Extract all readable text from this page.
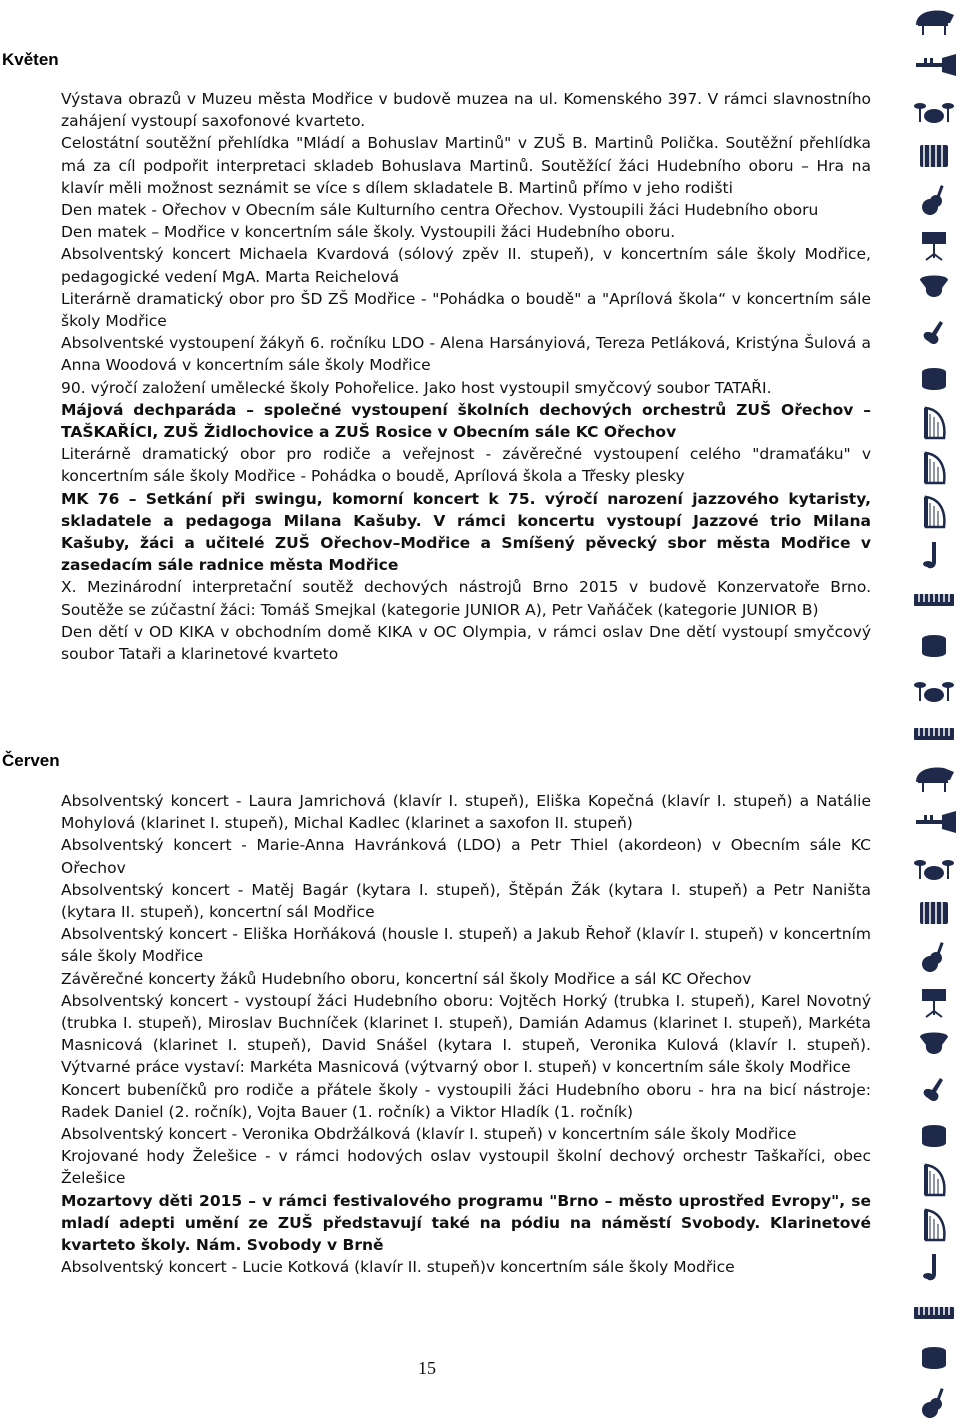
Květen

Výstava obrazů v Muzeu města Modřice v budově muzea na ul. Komenského 397. V rámci slavnostního zahájení vystoupí saxofonové kvarteto.

Celostátní soutěžní přehlídka "Mládí a Bohuslav Martinů" v ZUŠ B. Martinů Polička. Soutěžní přehlídka má za cíl podpořit interpretaci skladeb Bohuslava Martinů. Soutěžící žáci Hudebního oboru – Hra na klavír měli možnost seznámit se více s dílem skladatele B. Martinů přímo v jeho rodišti

Den matek - Ořechov v Obecním sále Kulturního centra Ořechov. Vystoupili žáci Hudebního oboru

Den matek – Modřice v koncertním sále školy. Vystoupili žáci Hudebního oboru.

Absolventský koncert Michaela Kvardová (sólový zpěv II. stupeň), v koncertním sále školy Modřice, pedagogické vedení MgA. Marta Reichelová

Literárně dramatický obor pro ŠD ZŠ Modřice - "Pohádka o boudě" a "Aprílová škola“ v koncertním sále školy Modřice

Absolventské vystoupení žákyň 6. ročníku LDO - Alena Harsányiová, Tereza Petláková, Kristýna Šulová a Anna Woodová v koncertním sále školy Modřice

90. výročí založení umělecké školy Pohořelice. Jako host vystoupil smyčcový soubor TATAŘI.

Májová dechparáda – společné vystoupení školních dechových orchestrů ZUŠ Ořechov – TAŠKAŘÍCI, ZUŠ Židlochovice a ZUŠ Rosice v Obecním sále KC Ořechov

Literárně dramatický obor pro rodiče a veřejnost - závěrečné vystoupení celého "dramaťáku" v koncertním sále školy Modřice - Pohádka o boudě, Aprílová škola a Třesky plesky

MK 76 – Setkání při swingu, komorní koncert k 75. výročí narození jazzového kytaristy, skladatele a pedagoga Milana Kašuby. V rámci koncertu vystoupí Jazzové trio Milana Kašuby, žáci a učitelé ZUŠ Ořechov–Modřice a Smíšený pěvecký sbor města Modřice v zasedacím sále radnice města Modřice

X. Mezinárodní interpretační soutěž dechových nástrojů Brno 2015 v budově Konzervatoře Brno. Soutěže se zúčastní žáci: Tomáš Smejkal (kategorie JUNIOR A), Petr Vaňáček (kategorie JUNIOR B)

Den dětí v OD KIKA v obchodním domě KIKA v OC Olympia, v rámci oslav Dne dětí vystoupí smyčcový soubor Tataři a klarinetové kvarteto

Červen

Absolventský koncert - Laura Jamrichová (klavír I. stupeň), Eliška Kopečná (klavír I. stupeň) a Natálie Mohylová (klarinet I. stupeň), Michal Kadlec (klarinet a saxofon II. stupeň)

Absolventský koncert - Marie-Anna Havránková (LDO) a Petr Thiel (akordeon) v Obecním sále KC Ořechov

Absolventský koncert - Matěj Bagár (kytara I. stupeň), Štěpán Žák (kytara I. stupeň) a Petr Naništa (kytara II. stupeň), koncertní sál Modřice

Absolventský koncert - Eliška Horňáková (housle I. stupeň) a Jakub Řehoř (klavír I. stupeň) v koncertním sále školy Modřice

Závěrečné koncerty žáků Hudebního oboru, koncertní sál školy Modřice a sál KC Ořechov

Absolventský koncert - vystoupí žáci Hudebního oboru: Vojtěch Horký (trubka I. stupeň), Karel Novotný (trubka I. stupeň), Miroslav Buchníček (klarinet I. stupeň), Damián Adamus (klarinet I. stupeň), Markéta Masnicová (klarinet I. stupeň), David Snášel (kytara I. stupeň, Veronika Kulová (klavír I. stupeň). Výtvarné práce vystaví: Markéta Masnicová (výtvarný obor I. stupeň) v koncertním sále školy Modřice

Koncert bubeníčků pro rodiče a přátele školy - vystoupili žáci Hudebního oboru - hra na bicí nástroje: Radek Daniel (2. ročník), Vojta Bauer (1. ročník) a Viktor Hladík (1. ročník)

Absolventský koncert - Veronika Obdržálková (klavír I. stupeň) v koncertním sále školy Modřice

Krojované hody Želešice - v rámci hodových oslav vystoupil školní dechový orchestr Taškaříci, obec Želešice

Mozartovy děti 2015 – v rámci festivalového programu "Brno – město uprostřed Evropy", se mladí adepti umění ze ZUŠ představují také na pódiu na náměstí Svobody. Klarinetové kvarteto školy. Nám. Svobody v Brně

Absolventský koncert - Lucie Kotková (klavír II. stupeň)v koncertním sále školy Modřice

15
